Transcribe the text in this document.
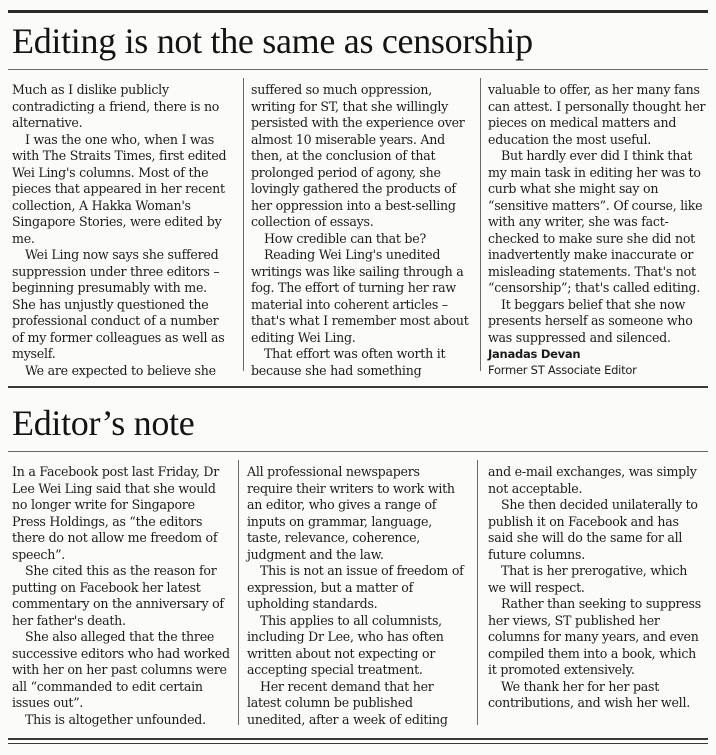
Editing is not the same as censorship

Much as I dislike publicly contradicting a friend, there is no alternative.

I was the one who, when I was with The Straits Times, first edited Wei Ling's columns. Most of the pieces that appeared in her recent collection, A Hakka Woman's Singapore Stories, were edited by me.

Wei Ling now says she suffered suppression under three editors – beginning presumably with me. She has unjustly questioned the professional conduct of a number of my former colleagues as well as myself.

We are expected to believe she

suffered so much oppression, writing for ST, that she willingly persisted with the experience over almost 10 miserable years. And then, at the conclusion of that prolonged period of agony, she lovingly gathered the products of her oppression into a best-selling collection of essays.

How credible can that be?

Reading Wei Ling's unedited writings was like sailing through a fog. The effort of turning her raw material into coherent articles – that's what I remember most about editing Wei Ling.

That effort was often worth it because she had something

valuable to offer, as her many fans can attest. I personally thought her pieces on medical matters and education the most useful.

But hardly ever did I think that my main task in editing her was to curb what she might say on “sensitive matters”. Of course, like with any writer, she was fact-checked to make sure she did not inadvertently make inaccurate or misleading statements. That's not “censorship”; that's called editing.

It beggars belief that she now presents herself as someone who was suppressed and silenced.

Janadas Devan
Former ST Associate Editor
Editor’s note

In a Facebook post last Friday, Dr Lee Wei Ling said that she would no longer write for Singapore Press Holdings, as “the editors there do not allow me freedom of speech”.

She cited this as the reason for putting on Facebook her latest commentary on the anniversary of her father's death.

She also alleged that the three successive editors who had worked with her on her past columns were all “commanded to edit certain issues out”.

This is altogether unfounded.

All professional newspapers require their writers to work with an editor, who gives a range of inputs on grammar, language, taste, relevance, coherence, judgment and the law.

This is not an issue of freedom of expression, but a matter of upholding standards.

This applies to all columnists, including Dr Lee, who has often written about not expecting or accepting special treatment.

Her recent demand that her latest column be published unedited, after a week of editing

and e-mail exchanges, was simply not acceptable.

She then decided unilaterally to publish it on Facebook and has said she will do the same for all future columns.

That is her prerogative, which we will respect.

Rather than seeking to suppress her views, ST published her columns for many years, and even compiled them into a book, which it promoted extensively.

We thank her for her past contributions, and wish her well.
